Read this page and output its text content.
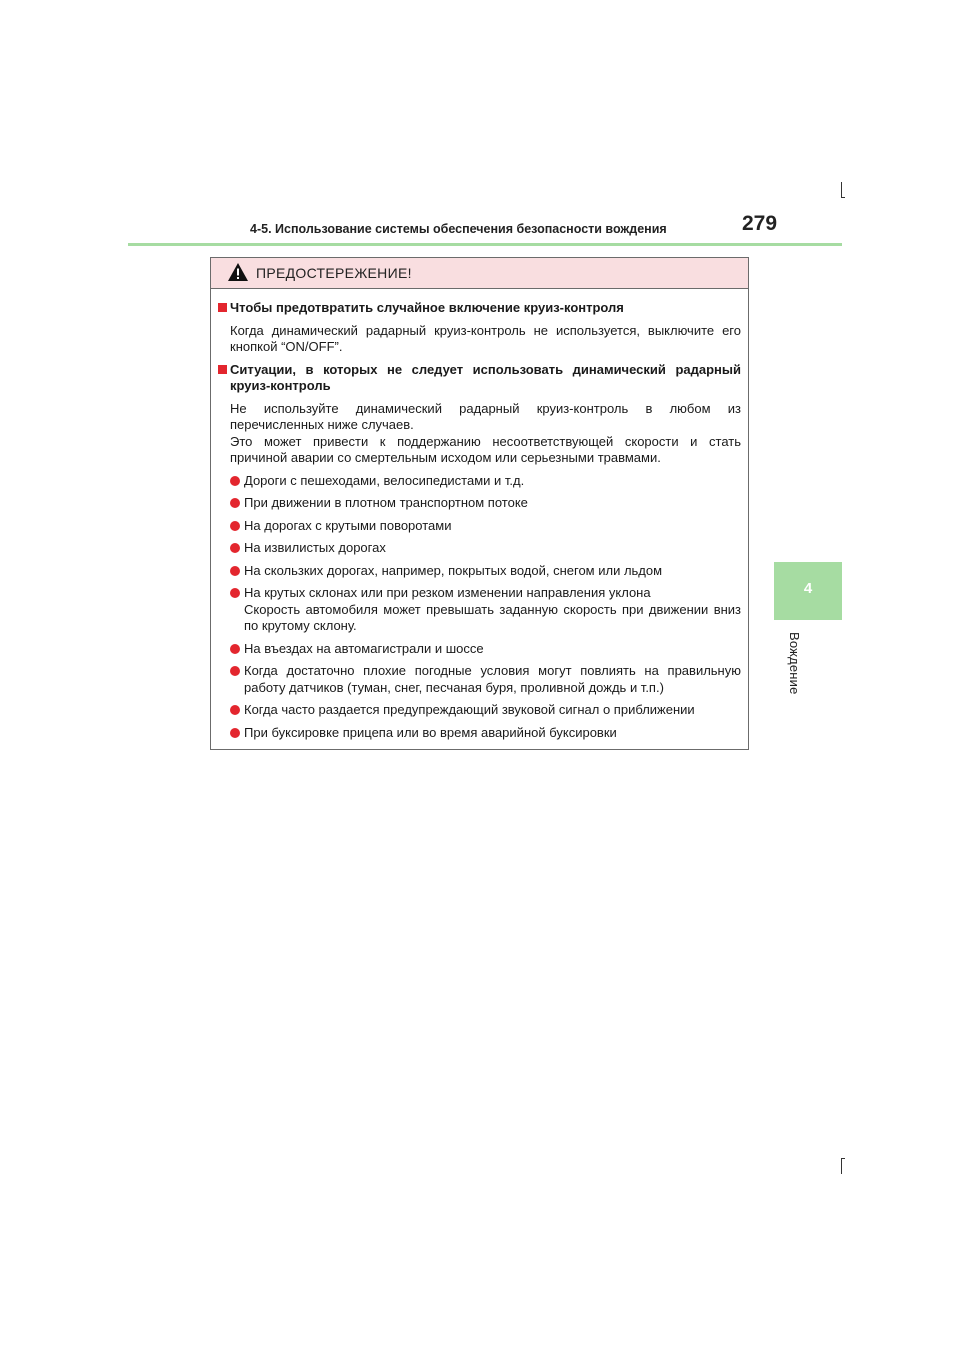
4-5. Использование системы обеспечения безопасности вождения	279
4
Вождение
ПРЕДОСТЕРЕЖЕНИЕ!
Чтобы предотвратить случайное включение круиз-контроля
Когда динамический радарный круиз-контроль не используется, выключите его
кнопкой “ON/OFF”.
Ситуации, в которых не следует использовать динамический радарный круиз-контроль
Не используйте динамический радарный круиз-контроль в любом из
перечисленных ниже случаев.
Это может привести к поддержанию несоответствующей скорости и стать
причиной аварии со смертельным исходом или серьезными травмами.
Дороги с пешеходами, велосипедистами и т.д.
При движении в плотном транспортном потоке
На дорогах с крутыми поворотами
На извилистых дорогах
На скользких дорогах, например, покрытых водой, снегом или льдом
На крутых склонах или при резком изменении направления уклона
Скорость автомобиля может превышать заданную скорость при движении вниз по крутому склону.
На въездах на автомагистрали и шоссе
Когда достаточно плохие погодные условия могут повлиять на правильную работу датчиков (туман, снег, песчаная буря, проливной дождь и т.п.)
Когда часто раздается предупреждающий звуковой сигнал о приближении
При буксировке прицепа или во время аварийной буксировки
